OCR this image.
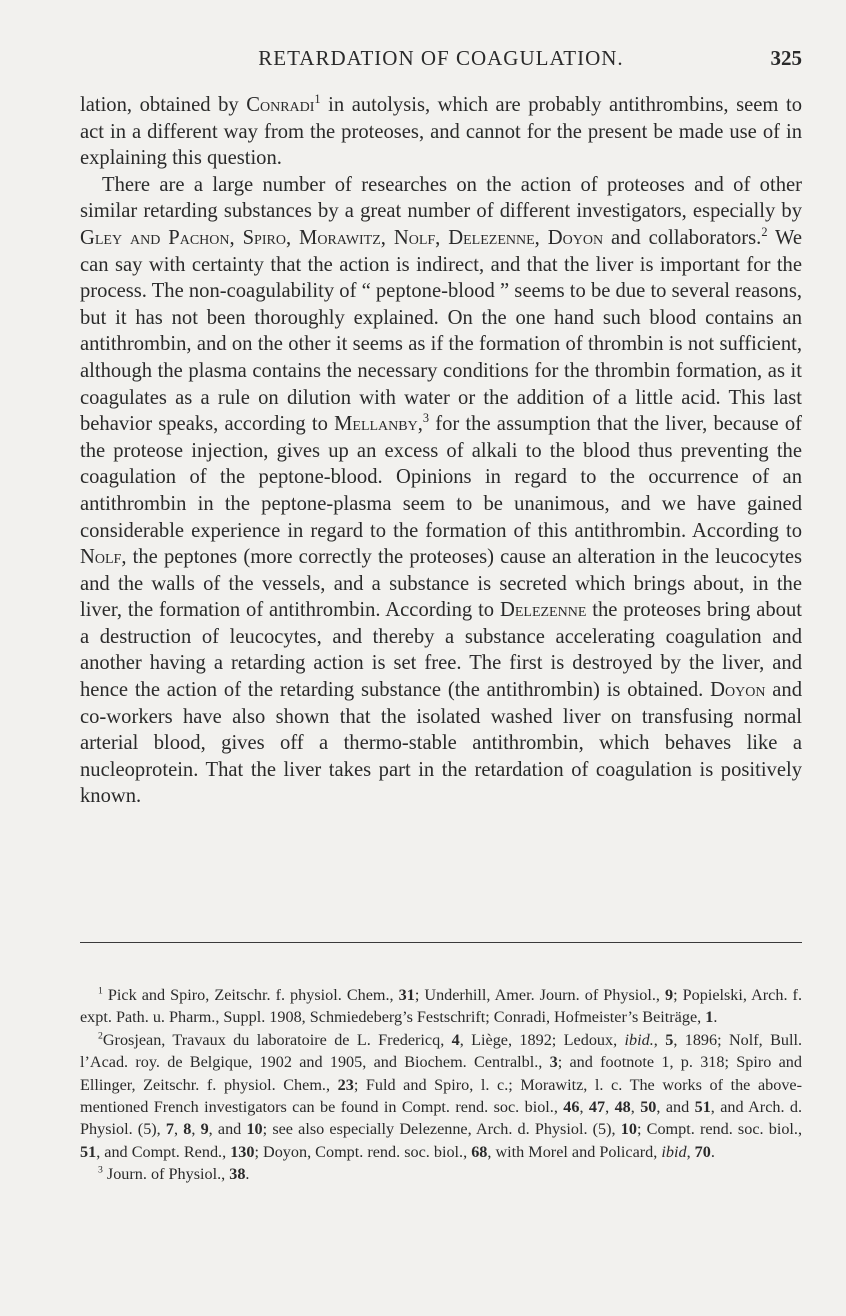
RETARDATION OF COAGULATION.	325

lation, obtained by Conradi$^1$ in autolysis, which are probably antithrombins, seem to act in a different way from the proteoses, and cannot for the present be made use of in explaining this question.

There are a large number of researches on the action of proteoses and of other similar retarding substances by a great number of different investigators, especially by Gley and Pachon, Spiro, Morawitz, Nolf, Delezenne, Doyon and collaborators.$^2$ We can say with certainty that the action is indirect, and that the liver is important for the process. The non-coagulability of “ peptone-blood ” seems to be due to several reasons, but it has not been thoroughly explained. On the one hand such blood contains an antithrombin, and on the other it seems as if the formation of thrombin is not sufficient, although the plasma contains the necessary conditions for the thrombin formation, as it coagulates as a rule on dilution with water or the addition of a little acid. This last behavior speaks, according to Mellanby,$^3$ for the assumption that the liver, because of the proteose injection, gives up an excess of alkali to the blood thus preventing the coagulation of the peptone-blood. Opinions in regard to the occurrence of an antithrombin in the peptone-plasma seem to be unanimous, and we have gained considerable experience in regard to the formation of this antithrombin. According to Nolf, the peptones (more correctly the proteoses) cause an alteration in the leucocytes and the walls of the vessels, and a substance is secreted which brings about, in the liver, the formation of antithrombin. According to Delezenne the proteoses bring about a destruction of leucocytes, and thereby a substance accelerating coagulation and another having a retarding action is set free. The first is destroyed by the liver, and hence the action of the retarding substance (the antithrombin) is obtained. Doyon and co-workers have also shown that the isolated washed liver on transfusing normal arterial blood, gives off a thermo-stable antithrombin, which behaves like a nucleoprotein. That the liver takes part in the retardation of coagulation is positively known.

$^1$ Pick and Spiro, Zeitschr. f. physiol. Chem., 31; Underhill, Amer. Journ. of Physiol., 9; Popielski, Arch. f. expt. Path. u. Pharm., Suppl. 1908, Schmiedeberg’s Festschrift; Conradi, Hofmeister’s Beiträge, 1.

$^2$Grosjean, Travaux du laboratoire de L. Fredericq, 4, Liège, 1892; Ledoux, ibid., 5, 1896; Nolf, Bull. l’Acad. roy. de Belgique, 1902 and 1905, and Biochem. Centralbl., 3; and footnote 1, p. 318; Spiro and Ellinger, Zeitschr. f. physiol. Chem., 23; Fuld and Spiro, l. c.; Morawitz, l. c. The works of the above-mentioned French investigators can be found in Compt. rend. soc. biol., 46, 47, 48, 50, and 51, and Arch. d. Physiol. (5), 7, 8, 9, and 10; see also especially Delezenne, Arch. d. Physiol. (5), 10; Compt. rend. soc. biol., 51, and Compt. Rend., 130; Doyon, Compt. rend. soc. biol., 68, with Morel and Policard, ibid, 70.

$^3$ Journ. of Physiol., 38.
